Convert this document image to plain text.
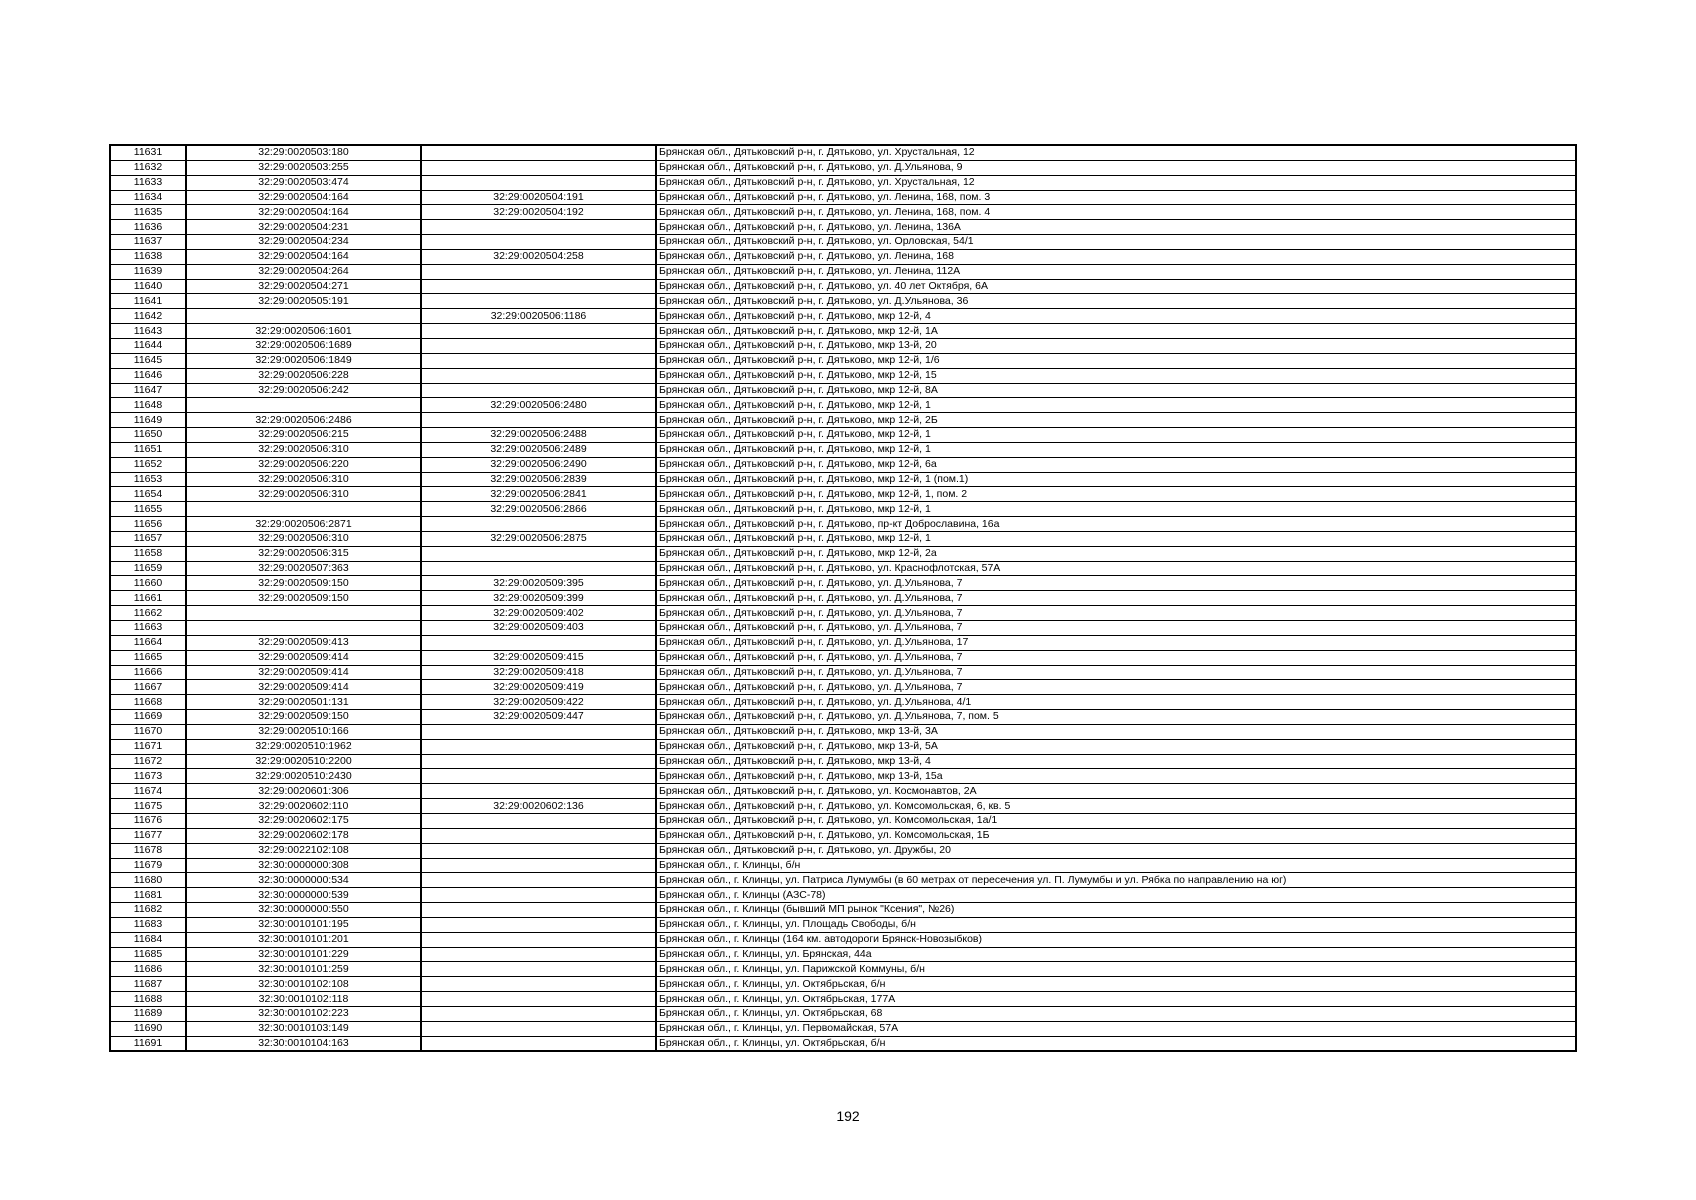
11631	32:29:0020503:180		Брянская обл., Дятьковский р-н, г. Дятьково, ул. Хрустальная, 12
11632	32:29:0020503:255		Брянская обл., Дятьковский р-н, г. Дятьково, ул. Д.Ульянова, 9
11633	32:29:0020503:474		Брянская обл., Дятьковский р-н, г. Дятьково, ул. Хрустальная, 12
11634	32:29:0020504:164	32:29:0020504:191	Брянская обл., Дятьковский р-н, г. Дятьково, ул. Ленина, 168, пом. 3
11635	32:29:0020504:164	32:29:0020504:192	Брянская обл., Дятьковский р-н, г. Дятьково, ул. Ленина, 168, пом. 4
11636	32:29:0020504:231		Брянская обл., Дятьковский р-н, г. Дятьково, ул. Ленина, 136А
11637	32:29:0020504:234		Брянская обл., Дятьковский р-н, г. Дятьково, ул. Орловская, 54/1
11638	32:29:0020504:164	32:29:0020504:258	Брянская обл., Дятьковский р-н, г. Дятьково, ул. Ленина, 168
11639	32:29:0020504:264		Брянская обл., Дятьковский р-н, г. Дятьково, ул. Ленина, 112А
11640	32:29:0020504:271		Брянская обл., Дятьковский р-н, г. Дятьково, ул. 40 лет Октября, 6А
11641	32:29:0020505:191		Брянская обл., Дятьковский р-н, г. Дятьково, ул. Д.Ульянова, 36
11642		32:29:0020506:1186	Брянская обл., Дятьковский р-н, г. Дятьково, мкр 12-й, 4
11643	32:29:0020506:1601		Брянская обл., Дятьковский р-н, г. Дятьково, мкр 12-й, 1А
11644	32:29:0020506:1689		Брянская обл., Дятьковский р-н, г. Дятьково, мкр 13-й, 20
11645	32:29:0020506:1849		Брянская обл., Дятьковский р-н, г. Дятьково, мкр 12-й, 1/6
11646	32:29:0020506:228		Брянская обл., Дятьковский р-н, г. Дятьково, мкр 12-й, 15
11647	32:29:0020506:242		Брянская обл., Дятьковский р-н, г. Дятьково, мкр 12-й, 8А
11648		32:29:0020506:2480	Брянская обл., Дятьковский р-н, г. Дятьково, мкр 12-й, 1
11649	32:29:0020506:2486		Брянская обл., Дятьковский р-н, г. Дятьково, мкр 12-й, 2Б
11650	32:29:0020506:215	32:29:0020506:2488	Брянская обл., Дятьковский р-н, г. Дятьково, мкр 12-й, 1
11651	32:29:0020506:310	32:29:0020506:2489	Брянская обл., Дятьковский р-н, г. Дятьково, мкр 12-й, 1
11652	32:29:0020506:220	32:29:0020506:2490	Брянская обл., Дятьковский р-н, г. Дятьково, мкр 12-й, 6а
11653	32:29:0020506:310	32:29:0020506:2839	Брянская обл., Дятьковский р-н, г. Дятьково, мкр 12-й, 1 (пом.1)
11654	32:29:0020506:310	32:29:0020506:2841	Брянская обл., Дятьковский р-н, г. Дятьково, мкр 12-й, 1, пом. 2
11655		32:29:0020506:2866	Брянская обл., Дятьковский р-н, г. Дятьково, мкр 12-й, 1
11656	32:29:0020506:2871		Брянская обл., Дятьковский р-н, г. Дятьково, пр-кт Доброславина, 16а
11657	32:29:0020506:310	32:29:0020506:2875	Брянская обл., Дятьковский р-н, г. Дятьково, мкр 12-й, 1
11658	32:29:0020506:315		Брянская обл., Дятьковский р-н, г. Дятьково, мкр 12-й, 2а
11659	32:29:0020507:363		Брянская обл., Дятьковский р-н, г. Дятьково, ул. Краснофлотская, 57А
11660	32:29:0020509:150	32:29:0020509:395	Брянская обл., Дятьковский р-н, г. Дятьково, ул. Д.Ульянова, 7
11661	32:29:0020509:150	32:29:0020509:399	Брянская обл., Дятьковский р-н, г. Дятьково, ул. Д.Ульянова, 7
11662		32:29:0020509:402	Брянская обл., Дятьковский р-н, г. Дятьково, ул. Д.Ульянова, 7
11663		32:29:0020509:403	Брянская обл., Дятьковский р-н, г. Дятьково, ул. Д.Ульянова, 7
11664	32:29:0020509:413		Брянская обл., Дятьковский р-н, г. Дятьково, ул. Д.Ульянова, 17
11665	32:29:0020509:414	32:29:0020509:415	Брянская обл., Дятьковский р-н, г. Дятьково, ул. Д.Ульянова, 7
11666	32:29:0020509:414	32:29:0020509:418	Брянская обл., Дятьковский р-н, г. Дятьково, ул. Д.Ульянова, 7
11667	32:29:0020509:414	32:29:0020509:419	Брянская обл., Дятьковский р-н, г. Дятьково, ул. Д.Ульянова, 7
11668	32:29:0020501:131	32:29:0020509:422	Брянская обл., Дятьковский р-н, г. Дятьково, ул. Д.Ульянова, 4/1
11669	32:29:0020509:150	32:29:0020509:447	Брянская обл., Дятьковский р-н, г. Дятьково, ул. Д.Ульянова, 7, пом. 5
11670	32:29:0020510:166		Брянская обл., Дятьковский р-н, г. Дятьково, мкр 13-й, 3А
11671	32:29:0020510:1962		Брянская обл., Дятьковский р-н, г. Дятьково, мкр 13-й, 5А
11672	32:29:0020510:2200		Брянская обл., Дятьковский р-н, г. Дятьково, мкр 13-й, 4
11673	32:29:0020510:2430		Брянская обл., Дятьковский р-н, г. Дятьково, мкр 13-й, 15а
11674	32:29:0020601:306		Брянская обл., Дятьковский р-н, г. Дятьково, ул. Космонавтов, 2А
11675	32:29:0020602:110	32:29:0020602:136	Брянская обл., Дятьковский р-н, г. Дятьково, ул. Комсомольская, 6, кв. 5
11676	32:29:0020602:175		Брянская обл., Дятьковский р-н, г. Дятьково, ул. Комсомольская, 1а/1
11677	32:29:0020602:178		Брянская обл., Дятьковский р-н, г. Дятьково, ул. Комсомольская, 1Б
11678	32:29:0022102:108		Брянская обл., Дятьковский р-н, г. Дятьково, ул. Дружбы, 20
11679	32:30:0000000:308		Брянская обл., г. Клинцы, б/н
11680	32:30:0000000:534		Брянская обл., г. Клинцы, ул. Патриса Лумумбы (в 60 метрах от пересечения ул. П. Лумумбы и ул. Рябка по направлению на юг)
11681	32:30:0000000:539		Брянская обл., г. Клинцы (АЗС-78)
11682	32:30:0000000:550		Брянская обл., г. Клинцы (бывший МП рынок "Ксения", №26)
11683	32:30:0010101:195		Брянская обл., г. Клинцы, ул. Площадь Свободы, б/н
11684	32:30:0010101:201		Брянская обл., г. Клинцы (164 км. автодороги Брянск-Новозыбков)
11685	32:30:0010101:229		Брянская обл., г. Клинцы, ул. Брянская, 44а
11686	32:30:0010101:259		Брянская обл., г. Клинцы, ул. Парижской Коммуны, б/н
11687	32:30:0010102:108		Брянская обл., г. Клинцы, ул. Октябрьская, б/н
11688	32:30:0010102:118		Брянская обл., г. Клинцы, ул. Октябрьская, 177А
11689	32:30:0010102:223		Брянская обл., г. Клинцы, ул. Октябрьская, 68
11690	32:30:0010103:149		Брянская обл., г. Клинцы, ул. Первомайская, 57А
11691	32:30:0010104:163		Брянская обл., г. Клинцы, ул. Октябрьская, б/н
192
